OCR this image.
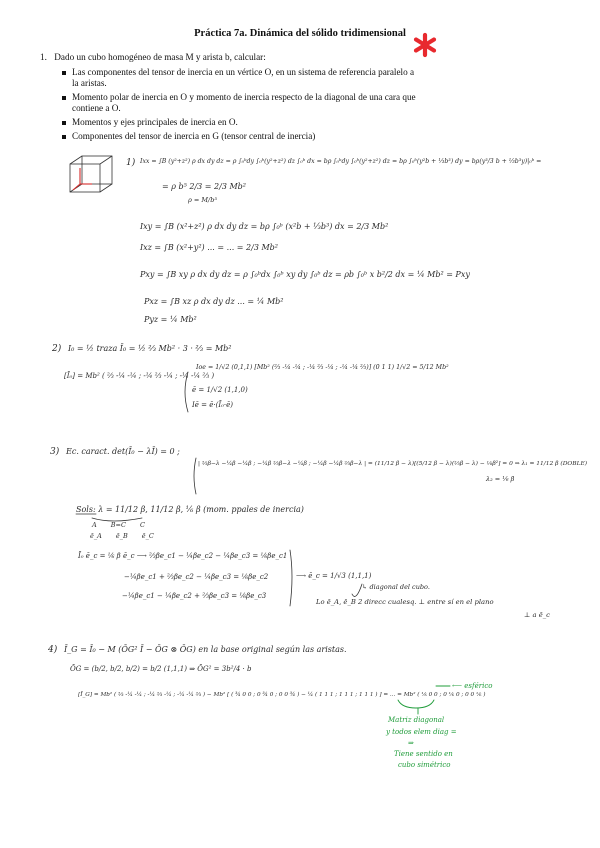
Práctica 7a. Dinámica del sólido tridimensional
1. Dado un cubo homogéneo de masa M y arista b, calcular:
Las componentes del tensor de inercia en un vértice O, en un sistema de referencia paralelo a la aristas.
Momento polar de inercia en O y momento de inercia respecto de la diagonal de una cara que contiene a O.
Momentos y ejes principales de inercia en O.
Componentes del tensor de inercia en G (tensor central de inercia)
1) Ixx = ∫B (y²+z²) ρ dx dy dz = ρ ∫₀ᵇdy ∫₀ᵇ(y²+z²) dz ∫₀ᵇ dx = bρ ∫₀ᵇdy ∫₀ᵇ(y²+z²) dz = bρ ∫₀ᵇ(y²b + ⅓b³) dy = bρ(y³/3 b + ⅓b³y)|₀ᵇ =
= ρ b⁵ 2/3 = 2/3 Mb²
ρ = M/b³
Ixy = ∫B (x²+z²) ρ dx dy dz = bρ ∫₀ᵇ (x²b + ⅓b³) dx = 2/3 Mb²
Ixz = ∫B (x²+y²) ... = ... = 2/3 Mb²
Pxy = ∫B xy ρ dx dy dz = ρ ∫₀ᵇdx ∫₀ᵇ xy dy ∫₀ᵇ dz = ρb ∫₀ᵇ x b²/2 dx = ¼ Mb² = Pxy
Pxz = ∫B xz ρ dx dy dz ... = ¼ Mb²
Pyz = ¼ Mb²
2) I₀ = ½ traza Ī₀ = ½ ⅔ Mb² · 3 · ⅔ = Mb²
[Ī₀] = Mb² ( ⅔ -¼ -¼ ; -¼ ⅔ -¼ ; -¼ -¼ ⅔ )
ē = 1/√2 (1,1,0)
Iē = ē·(Ī₀·ē)
Ioe = 1/√2 (0,1,1) [Mb² (⅔ -¼ -¼ ; -¼ ⅔ -¼ ; -¼ -¼ ⅔)] (0 1 1) 1/√2 = 5/12 Mb²
3) Ec. caract. det(Ī₀ − λĪ) = 0 ;
| ⅔β−λ −¼β −¼β ; −¼β ⅔β−λ −¼β ; −¼β −¼β ⅔β−λ | = (11/12 β − λ)[(5/12 β − λ)(⅔β − λ) − ⅛β²] = 0 ⇒ λ₁ = 11/12 β (DOBLE)
λ₂ = ⅙ β
Sols: λ = 11/12 β, 11/12 β, ⅙ β (mom. ppales de inercia)
A B=C C
ē_A ē_B ē_C
Ī₀ ē_c = ⅙ β ē_c ⟶ ⅔βe_c1 − ¼βe_c2 − ¼βe_c3 = ⅙βe_c1
−¼βe_c1 + ⅔βe_c2 − ¼βe_c3 = ⅙βe_c2
−¼βe_c1 − ¼βe_c2 + ⅔βe_c3 = ⅙βe_c3
⟶ ē_c = 1/√3 (1,1,1)
↳ diagonal del cubo.
Lo ē_A, ē_B 2 direcc cualesq. ⊥ entre sí en el plano
⊥ a ē_c
4) Ī_G = Ī₀ − M (ŌG² Ī − ŌG ⊗ ŌG) en la base original según las aristas.
ŌG = (b/2, b/2, b/2) = b/2 (1,1,1) ⇒ ŌG² = 3b²/4 · b
[Ī_G] = Mb² ( ⅔ -¼ -¼ ; -¼ ⅔ -¼ ; -¼ -¼ ⅔ ) − Mb² [ ( ¾ 0 0 ; 0 ¾ 0 ; 0 0 ¾ ) − ¼ ( 1 1 1 ; 1 1 1 ; 1 1 1 ) ] = ... = Mb² ( ⅙ 0 0 ; 0 ⅙ 0 ; 0 0 ⅙ )
⟵ esférico
Matriz diagonal
y todos elem diag =
⇒
Tiene sentido en
cubo simétrico
